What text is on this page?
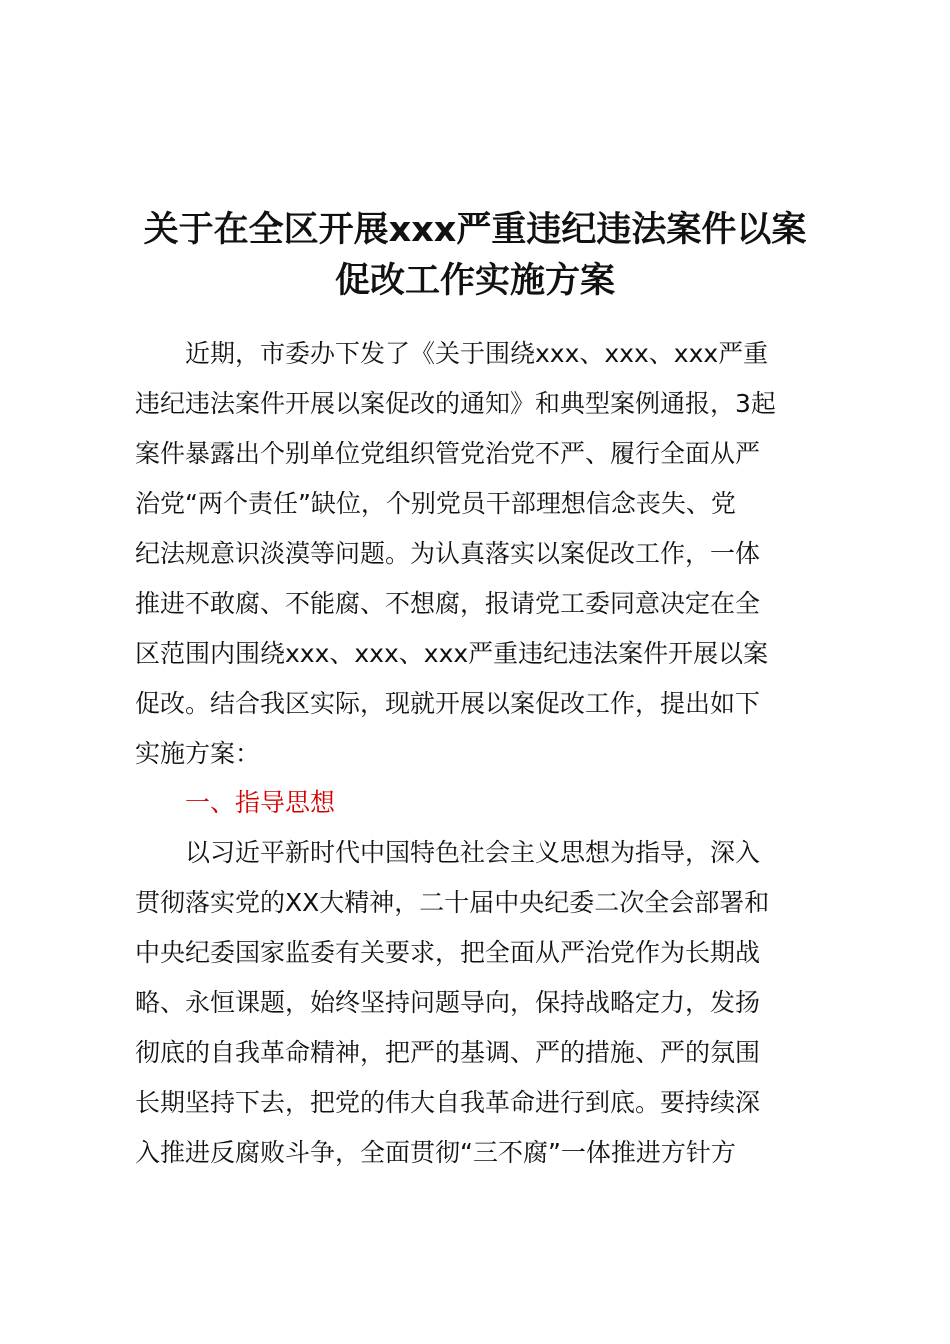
关于在全区开展xxx严重违纪违法案件以案
促改工作实施方案
近期，市委办下发了《关于围绕xxx、xxx、xxx严重
违纪违法案件开展以案促改的通知》和典型案例通报，3起
案件暴露出个别单位党组织管党治党不严、履行全面从严
治党“两个责任”缺位，个别党员干部理想信念丧失、党
纪法规意识淡漠等问题。为认真落实以案促改工作，一体
推进不敢腐、不能腐、不想腐，报请党工委同意决定在全
区范围内围绕xxx、xxx、xxx严重违纪违法案件开展以案
促改。结合我区实际，现就开展以案促改工作，提出如下
实施方案：
一、指导思想
以习近平新时代中国特色社会主义思想为指导，深入
贯彻落实党的XX大精神，二十届中央纪委二次全会部署和
中央纪委国家监委有关要求，把全面从严治党作为长期战
略、永恒课题，始终坚持问题导向，保持战略定力，发扬
彻底的自我革命精神，把严的基调、严的措施、严的氛围
长期坚持下去，把党的伟大自我革命进行到底。要持续深
入推进反腐败斗争，全面贯彻“三不腐”一体推进方针方
